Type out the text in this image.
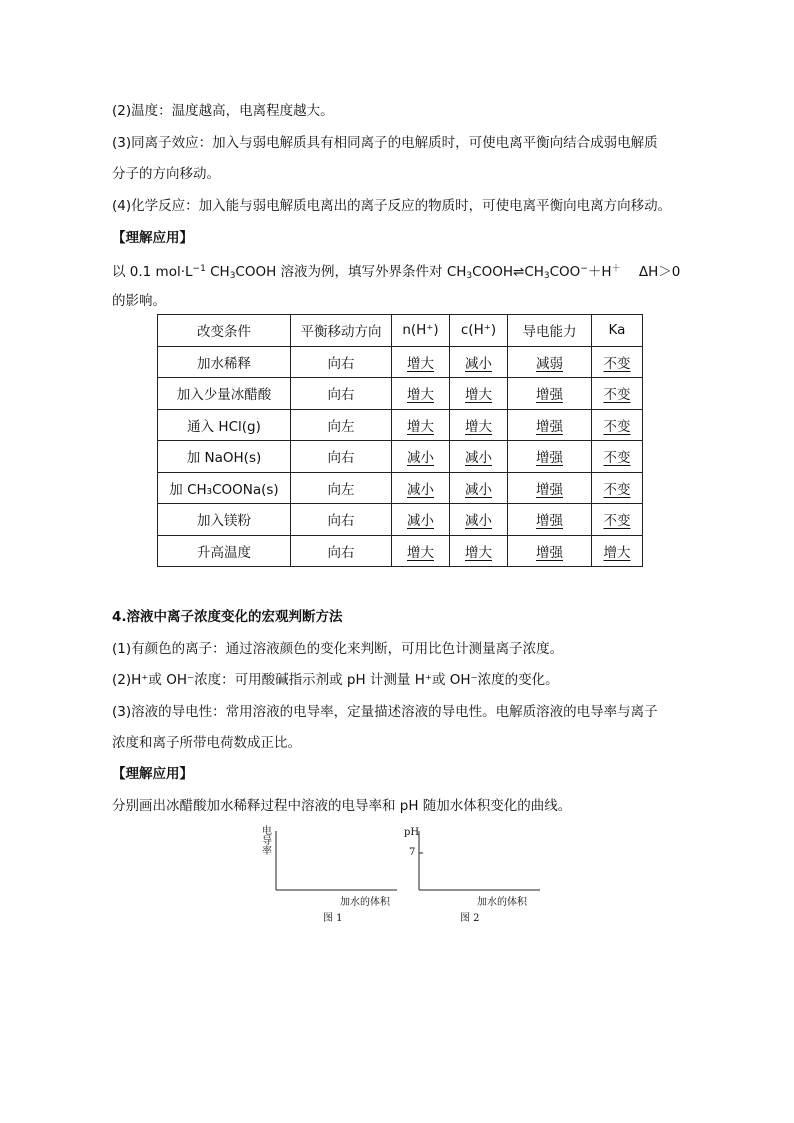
(2)温度：温度越高，电离程度越大。
(3)同离子效应：加入与弱电解质具有相同离子的电解质时，可使电离平衡向结合成弱电解质
分子的方向移动。
(4)化学反应：加入能与弱电解质电离出的离子反应的物质时，可使电离平衡向电离方向移动。
【理解应用】
以 0.1 $mol\cdot L^{-1}$ $CH_3COOH$ 溶液为例，填写外界条件对 $CH_3COOH\rightleftharpoons CH_3COO^-+H^+$ ΔH＞0
的影响。
改变条件	平衡移动方向	n(H⁺)	c(H⁺)	导电能力	Ka
加水稀释	向右	增大	减小	减弱	不变
加入少量冰醋酸	向右	增大	增大	增强	不变
通入 HCl(g)	向左	增大	增大	增强	不变
加 NaOH(s)	向右	减小	减小	增强	不变
加 CH₃COONa(s)	向左	减小	减小	增强	不变
加入镁粉	向右	减小	减小	增强	不变
升高温度	向右	增大	增大	增强	增大
4.溶液中离子浓度变化的宏观判断方法
(1)有颜色的离子：通过溶液颜色的变化来判断，可用比色计测量离子浓度。
(2)H⁺或 OH⁻浓度：可用酸碱指示剂或 pH 计测量 H⁺或 OH⁻浓度的变化。
(3)溶液的导电性：常用溶液的电导率，定量描述溶液的导电性。电解质溶液的电导率与离子
浓度和离子所带电荷数成正比。
【理解应用】
分别画出冰醋酸加水稀释过程中溶液的电导率和 pH 随加水体积变化的曲线。
电
导
率
加水的体积
图 1
pH
7
加水的体积
图 2
